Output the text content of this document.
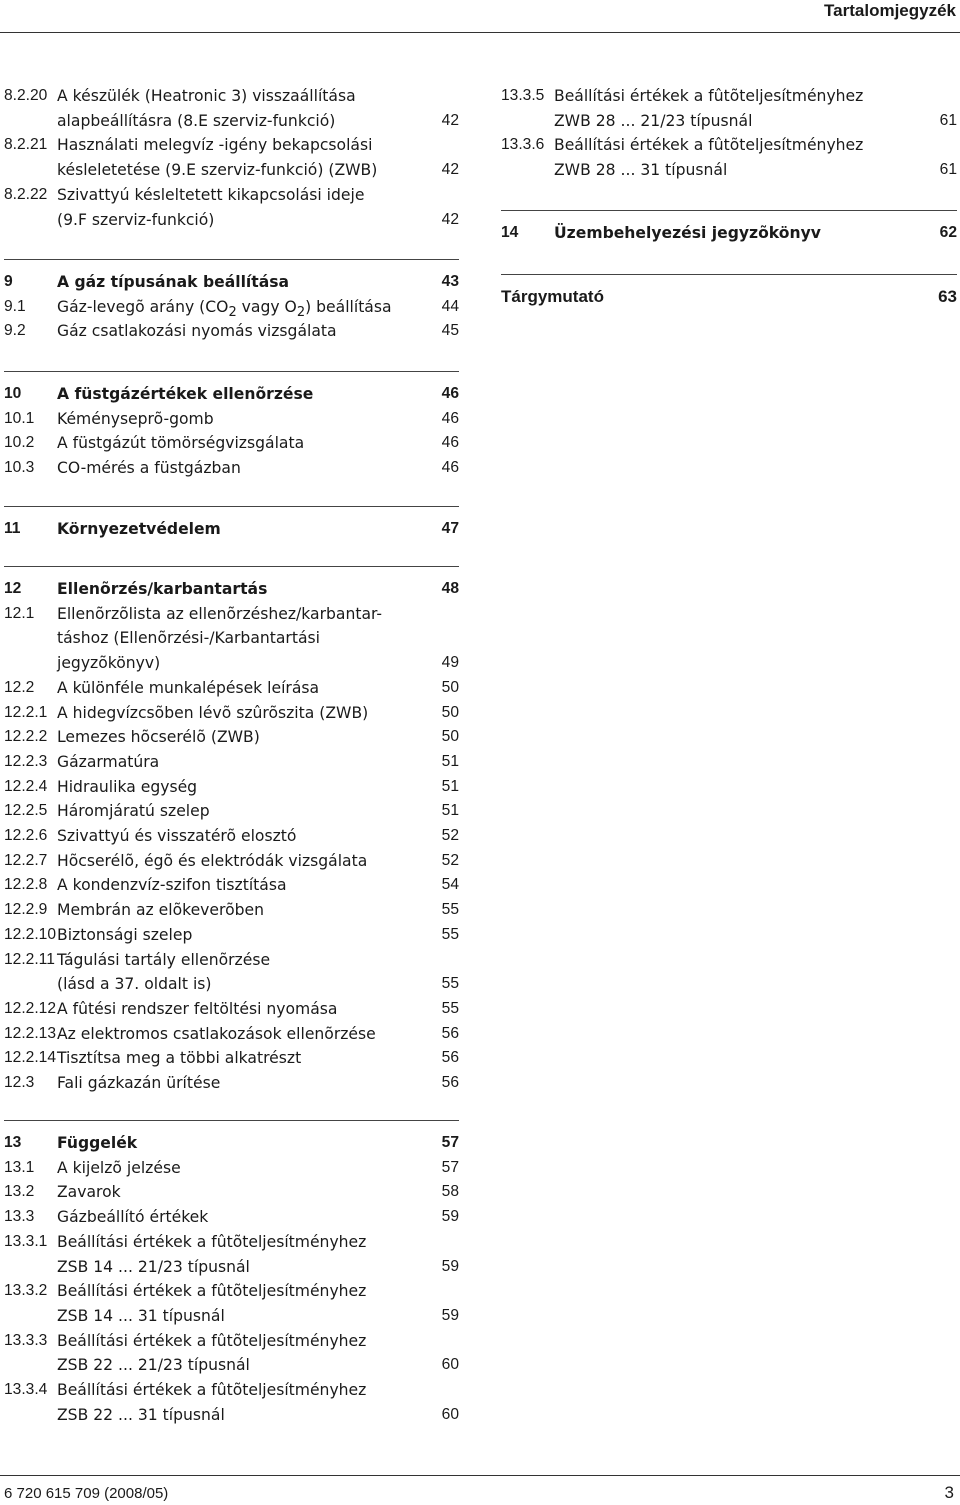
Tartalomjegyzék
8.2.20 A készülék (Heatronic 3) visszaállítása
alapbeállításra (8.E szerviz-funkció)	42
8.2.21 Használati melegvíz -igény bekapcsolási
késleletetése (9.E szerviz-funkció) (ZWB)	42
8.2.22 Szivattyú késleltetett kikapcsolási ideje
(9.F szerviz-funkció)	42
9	A gáz típusának beállítása	43
9.1 Gáz-levegõ arány ($CO_2$ vagy $O_2$) beállítása	44
9.2 Gáz csatlakozási nyomás vizsgálata	45
10 A füstgázértékek ellenõrzése	46
10.1 Kéményseprõ-gomb	46
10.2 A füstgázút tömörségvizsgálata	46
10.3 CO-mérés a füstgázban	46
11 Környezetvédelem	47
12 Ellenõrzés/karbantartás	48
12.1 Ellenõrzõlista az ellenõrzéshez/karbantar-
táshoz (Ellenõrzési-/Karbantartási
jegyzõkönyv)	49
12.2 A különféle munkalépések leírása	50
12.2.1 A hidegvízcsõben lévõ szûrõszita (ZWB)	50
12.2.2 Lemezes hõcserélõ (ZWB)	50
12.2.3 Gázarmatúra	51
12.2.4 Hidraulika egység	51
12.2.5 Háromjáratú szelep	51
12.2.6 Szivattyú és visszatérõ elosztó	52
12.2.7 Hõcserélõ, égõ és elektródák vizsgálata	52
12.2.8 A kondenzvíz-szifon tisztítása	54
12.2.9 Membrán az elõkeverõben	55
12.2.10 Biztonsági szelep	55
12.2.11 Tágulási tartály ellenõrzése
(lásd a 37. oldalt is)	55
12.2.12 A fûtési rendszer feltöltési nyomása	55
12.2.13 Az elektromos csatlakozások ellenõrzése	56
12.2.14 Tisztítsa meg a többi alkatrészt	56
12.3 Fali gázkazán ürítése	56
13 Függelék	57
13.1 A kijelzõ jelzése	57
13.2 Zavarok	58
13.3 Gázbeállító értékek	59
13.3.1 Beállítási értékek a fûtõteljesítményhez
ZSB 14 ... 21/23 típusnál	59
13.3.2 Beállítási értékek a fûtõteljesítményhez
ZSB 14 ... 31 típusnál	59
13.3.3 Beállítási értékek a fûtõteljesítményhez
ZSB 22 ... 21/23 típusnál	60
13.3.4 Beállítási értékek a fûtõteljesítményhez
ZSB 22 ... 31 típusnál	60
13.3.5 Beállítási értékek a fûtõteljesítményhez
ZWB 28 ... 21/23 típusnál	61
13.3.6 Beállítási értékek a fûtõteljesítményhez
ZWB 28 ... 31 típusnál	61
14 Üzembehelyezési jegyzõkönyv	62
Tárgymutató	63
6 720 615 709 (2008/05)	3
